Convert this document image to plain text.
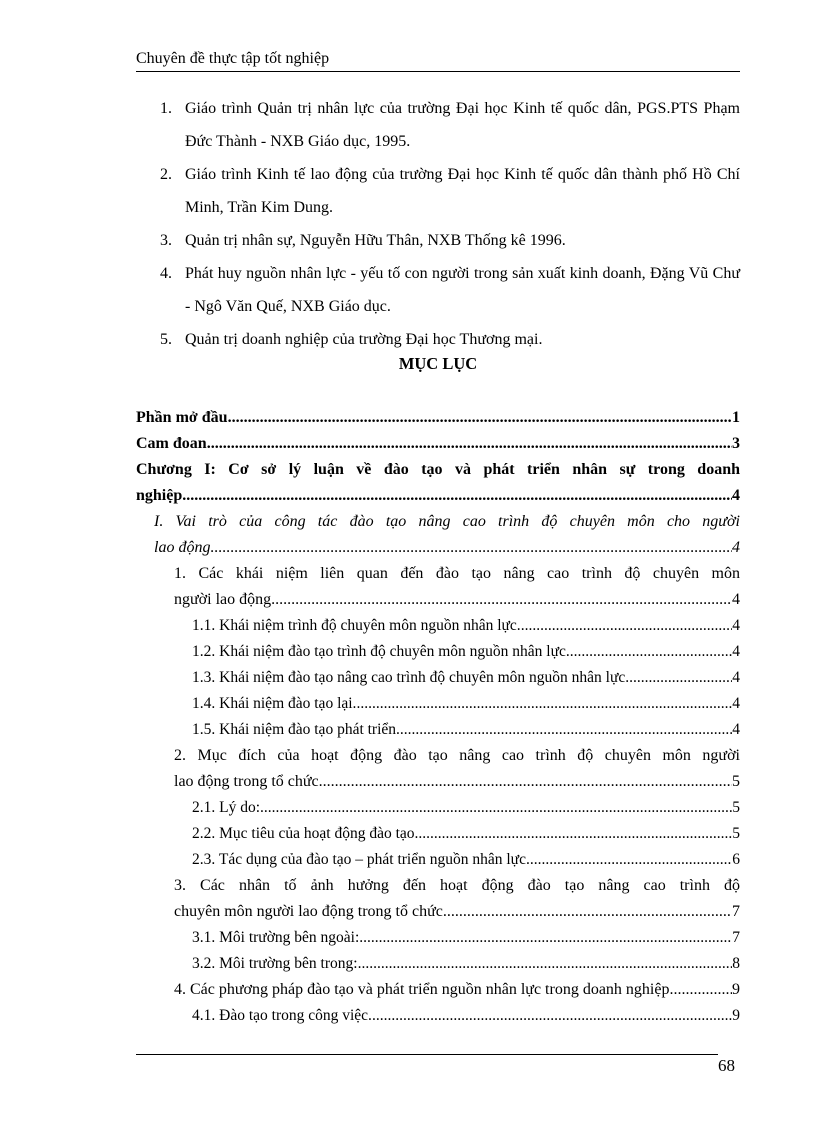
Chuyên đề thực tập tốt nghiệp
1. Giáo trình Quản trị nhân lực của trường Đại học Kinh tế quốc dân, PGS.PTS Phạm Đức Thành - NXB Giáo dục, 1995.
2. Giáo trình Kinh tế lao động của trường Đại học Kinh tế quốc dân thành phố Hồ Chí Minh, Trần Kim Dung.
3. Quản trị nhân sự, Nguyễn Hữu Thân, NXB Thống kê 1996.
4. Phát huy nguồn nhân lực - yếu tố con người trong sản xuất kinh doanh, Đặng Vũ Chư - Ngô Văn Quế, NXB Giáo dục.
5. Quản trị doanh nghiệp của trường Đại học Thương mại.
MỤC LỤC
Phần mở đầu .....	1
Cam đoan .....	3
Chương I: Cơ sở lý luận về đào tạo và phát triển nhân sự trong doanh
nghiệp .....	4
I. Vai trò của công tác đào tạo nâng cao trình độ chuyên môn cho người
lao động .....	4
1. Các khái niệm liên quan đến đào tạo nâng cao trình độ chuyên môn
người lao động .....	4
1.1. Khái niệm trình độ chuyên môn nguồn nhân lực. .....	4
1.2. Khái niệm đào tạo trình độ chuyên môn nguồn nhân lực. .....	4
1.3. Khái niệm đào tạo nâng cao trình độ chuyên môn nguồn nhân lực .....	4
1.4. Khái niệm đào tạo lại. .....	4
1.5. Khái niệm đào tạo phát triển. .....	4
2. Mục đích của hoạt động đào tạo nâng cao trình độ chuyên môn người
lao động trong tổ chức .....	5
2.1. Lý do: .....	5
2.2. Mục tiêu của hoạt động đào tạo .....	5
2.3. Tác dụng của đào tạo – phát triển nguồn nhân lực. .....	6
3. Các nhân tố ảnh hưởng đến hoạt động đào tạo nâng cao trình độ
chuyên môn người lao động trong tổ chức .....	7
3.1. Môi trường bên ngoài: .....	7
3.2. Môi trường bên trong: .....	8
4. Các phương pháp đào tạo và phát triển nguồn nhân lực trong doanh nghiệp .....	9
4.1. Đào tạo trong công việc. .....	9
68
